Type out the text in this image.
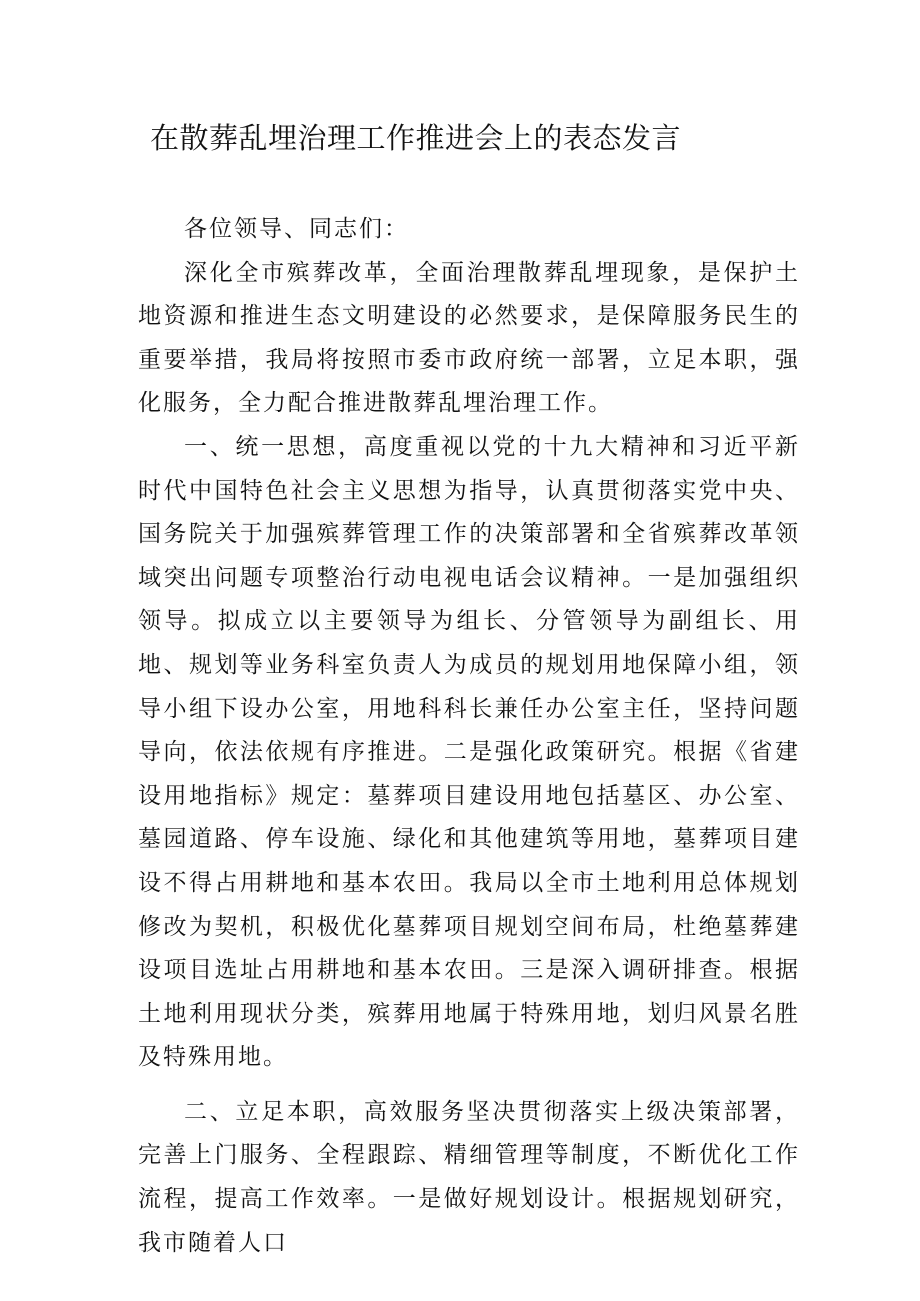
在散葬乱埋治理工作推进会上的表态发言

各位领导、同志们：

深化全市殡葬改革，全面治理散葬乱埋现象，是保护土地资源和推进生态文明建设的必然要求，是保障服务民生的重要举措，我局将按照市委市政府统一部署，立足本职，强化服务，全力配合推进散葬乱埋治理工作。

一、统一思想，高度重视以党的十九大精神和习近平新时代中国特色社会主义思想为指导，认真贯彻落实党中央、国务院关于加强殡葬管理工作的决策部署和全省殡葬改革领域突出问题专项整治行动电视电话会议精神。一是加强组织领导。拟成立以主要领导为组长、分管领导为副组长、用地、规划等业务科室负责人为成员的规划用地保障小组，领导小组下设办公室，用地科科长兼任办公室主任，坚持问题导向，依法依规有序推进。二是强化政策研究。根据《省建设用地指标》规定：墓葬项目建设用地包括墓区、办公室、墓园道路、停车设施、绿化和其他建筑等用地，墓葬项目建设不得占用耕地和基本农田。我局以全市土地利用总体规划修改为契机，积极优化墓葬项目规划空间布局，杜绝墓葬建设项目选址占用耕地和基本农田。三是深入调研排查。根据土地利用现状分类，殡葬用地属于特殊用地，划归风景名胜及特殊用地。

二、立足本职，高效服务坚决贯彻落实上级决策部署，完善上门服务、全程跟踪、精细管理等制度，不断优化工作流程，提高工作效率。一是做好规划设计。根据规划研究，我市随着人口
